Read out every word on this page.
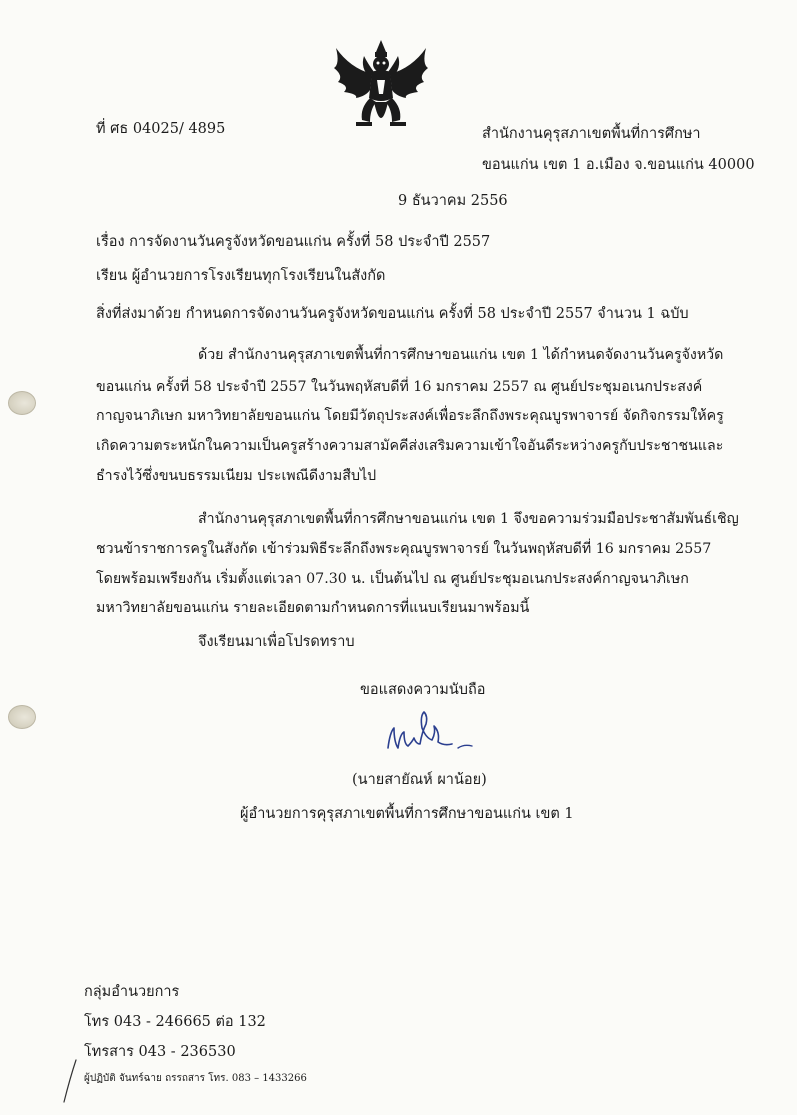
ที่ ศธ 04025/ 4895	สำนักงานคุรุสภาเขตพื้นที่การศึกษา
ขอนแก่น เขต 1 อ.เมือง จ.ขอนแก่น 40000
9 ธันวาคม 2556
เรื่อง การจัดงานวันครูจังหวัดขอนแก่น ครั้งที่ 58 ประจำปี 2557
เรียน ผู้อำนวยการโรงเรียนทุกโรงเรียนในสังกัด
สิ่งที่ส่งมาด้วย กำหนดการจัดงานวันครูจังหวัดขอนแก่น ครั้งที่ 58 ประจำปี 2557 จำนวน 1 ฉบับ
ด้วย สำนักงานคุรุสภาเขตพื้นที่การศึกษาขอนแก่น เขต 1 ได้กำหนดจัดงานวันครูจังหวัด
ขอนแก่น ครั้งที่ 58 ประจำปี 2557 ในวันพฤหัสบดีที่ 16 มกราคม 2557 ณ ศูนย์ประชุมอเนกประสงค์
กาญจนาภิเษก มหาวิทยาลัยขอนแก่น โดยมีวัตถุประสงค์เพื่อระลึกถึงพระคุณบูรพาจารย์ จัดกิจกรรมให้ครู
เกิดความตระหนักในความเป็นครูสร้างความสามัคคีส่งเสริมความเข้าใจอันดีระหว่างครูกับประชาชนและ
ธำรงไว้ซึ่งขนบธรรมเนียม ประเพณีดีงามสืบไป
สำนักงานคุรุสภาเขตพื้นที่การศึกษาขอนแก่น เขต 1 จึงขอความร่วมมือประชาสัมพันธ์เชิญ
ชวนข้าราชการครูในสังกัด เข้าร่วมพิธีระลึกถึงพระคุณบูรพาจารย์ ในวันพฤหัสบดีที่ 16 มกราคม 2557
โดยพร้อมเพรียงกัน เริ่มตั้งแต่เวลา 07.30 น. เป็นต้นไป ณ ศูนย์ประชุมอเนกประสงค์กาญจนาภิเษก
มหาวิทยาลัยขอนแก่น รายละเอียดตามกำหนดการที่แนบเรียนมาพร้อมนี้
จึงเรียนมาเพื่อโปรดทราบ
ขอแสดงความนับถือ
(นายสายัณห์ ผาน้อย)
ผู้อำนวยการคุรุสภาเขตพื้นที่การศึกษาขอนแก่น เขต 1
กลุ่มอำนวยการ
โทร 043 - 246665 ต่อ 132
โทรสาร 043 - 236530
ผู้ปฏิบัติ จันทร์ฉาย ถรรถสาร โทร. 083 – 1433266
